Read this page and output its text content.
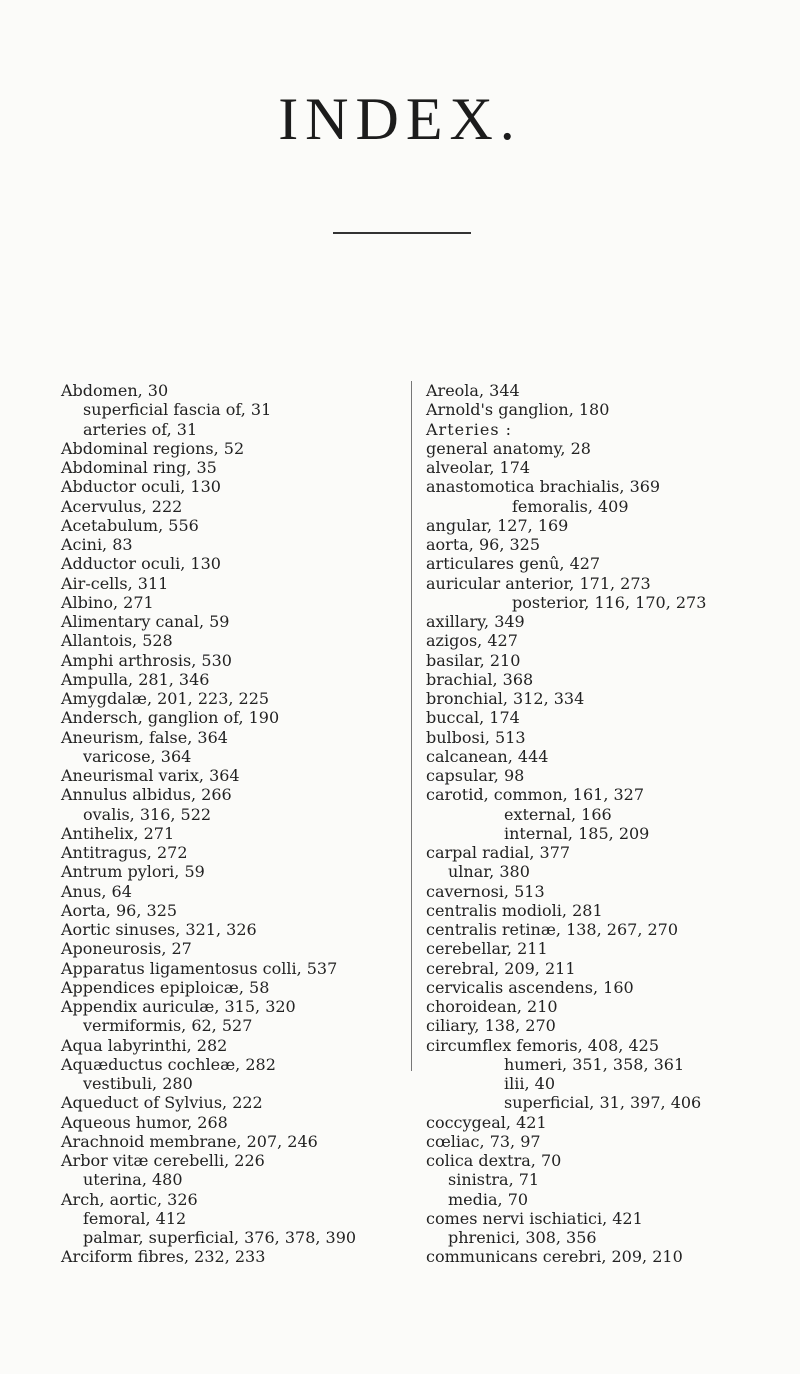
INDEX.
Abdomen, 30
superficial fascia of, 31
arteries of, 31
Abdominal regions, 52
Abdominal ring, 35
Abductor oculi, 130
Acervulus, 222
Acetabulum, 556
Acini, 83
Adductor oculi, 130
Air-cells, 311
Albino, 271
Alimentary canal, 59
Allantois, 528
Amphi arthrosis, 530
Ampulla, 281, 346
Amygdalæ, 201, 223, 225
Andersch, ganglion of, 190
Aneurism, false, 364
varicose, 364
Aneurismal varix, 364
Annulus albidus, 266
ovalis, 316, 522
Antihelix, 271
Antitragus, 272
Antrum pylori, 59
Anus, 64
Aorta, 96, 325
Aortic sinuses, 321, 326
Aponeurosis, 27
Apparatus ligamentosus colli, 537
Appendices epiploicæ, 58
Appendix auriculæ, 315, 320
vermiformis, 62, 527
Aqua labyrinthi, 282
Aquæductus cochleæ, 282
vestibuli, 280
Aqueduct of Sylvius, 222
Aqueous humor, 268
Arachnoid membrane, 207, 246
Arbor vitæ cerebelli, 226
uterina, 480
Arch, aortic, 326
femoral, 412
palmar, superficial, 376, 378, 390
Arciform fibres, 232, 233
Areola, 344
Arnold's ganglion, 180
Arteries :
general anatomy, 28
alveolar, 174
anastomotica brachialis, 369
femoralis, 409
angular, 127, 169
aorta, 96, 325
articulares genû, 427
auricular anterior, 171, 273
posterior, 116, 170, 273
axillary, 349
azigos, 427
basilar, 210
brachial, 368
bronchial, 312, 334
buccal, 174
bulbosi, 513
calcanean, 444
capsular, 98
carotid, common, 161, 327
external, 166
internal, 185, 209
carpal radial, 377
ulnar, 380
cavernosi, 513
centralis modioli, 281
centralis retinæ, 138, 267, 270
cerebellar, 211
cerebral, 209, 211
cervicalis ascendens, 160
choroidean, 210
ciliary, 138, 270
circumflex femoris, 408, 425
humeri, 351, 358, 361
ilii, 40
superficial, 31, 397, 406
coccygeal, 421
cœliac, 73, 97
colica dextra, 70
sinistra, 71
media, 70
comes nervi ischiatici, 421
phrenici, 308, 356
communicans cerebri, 209, 210
